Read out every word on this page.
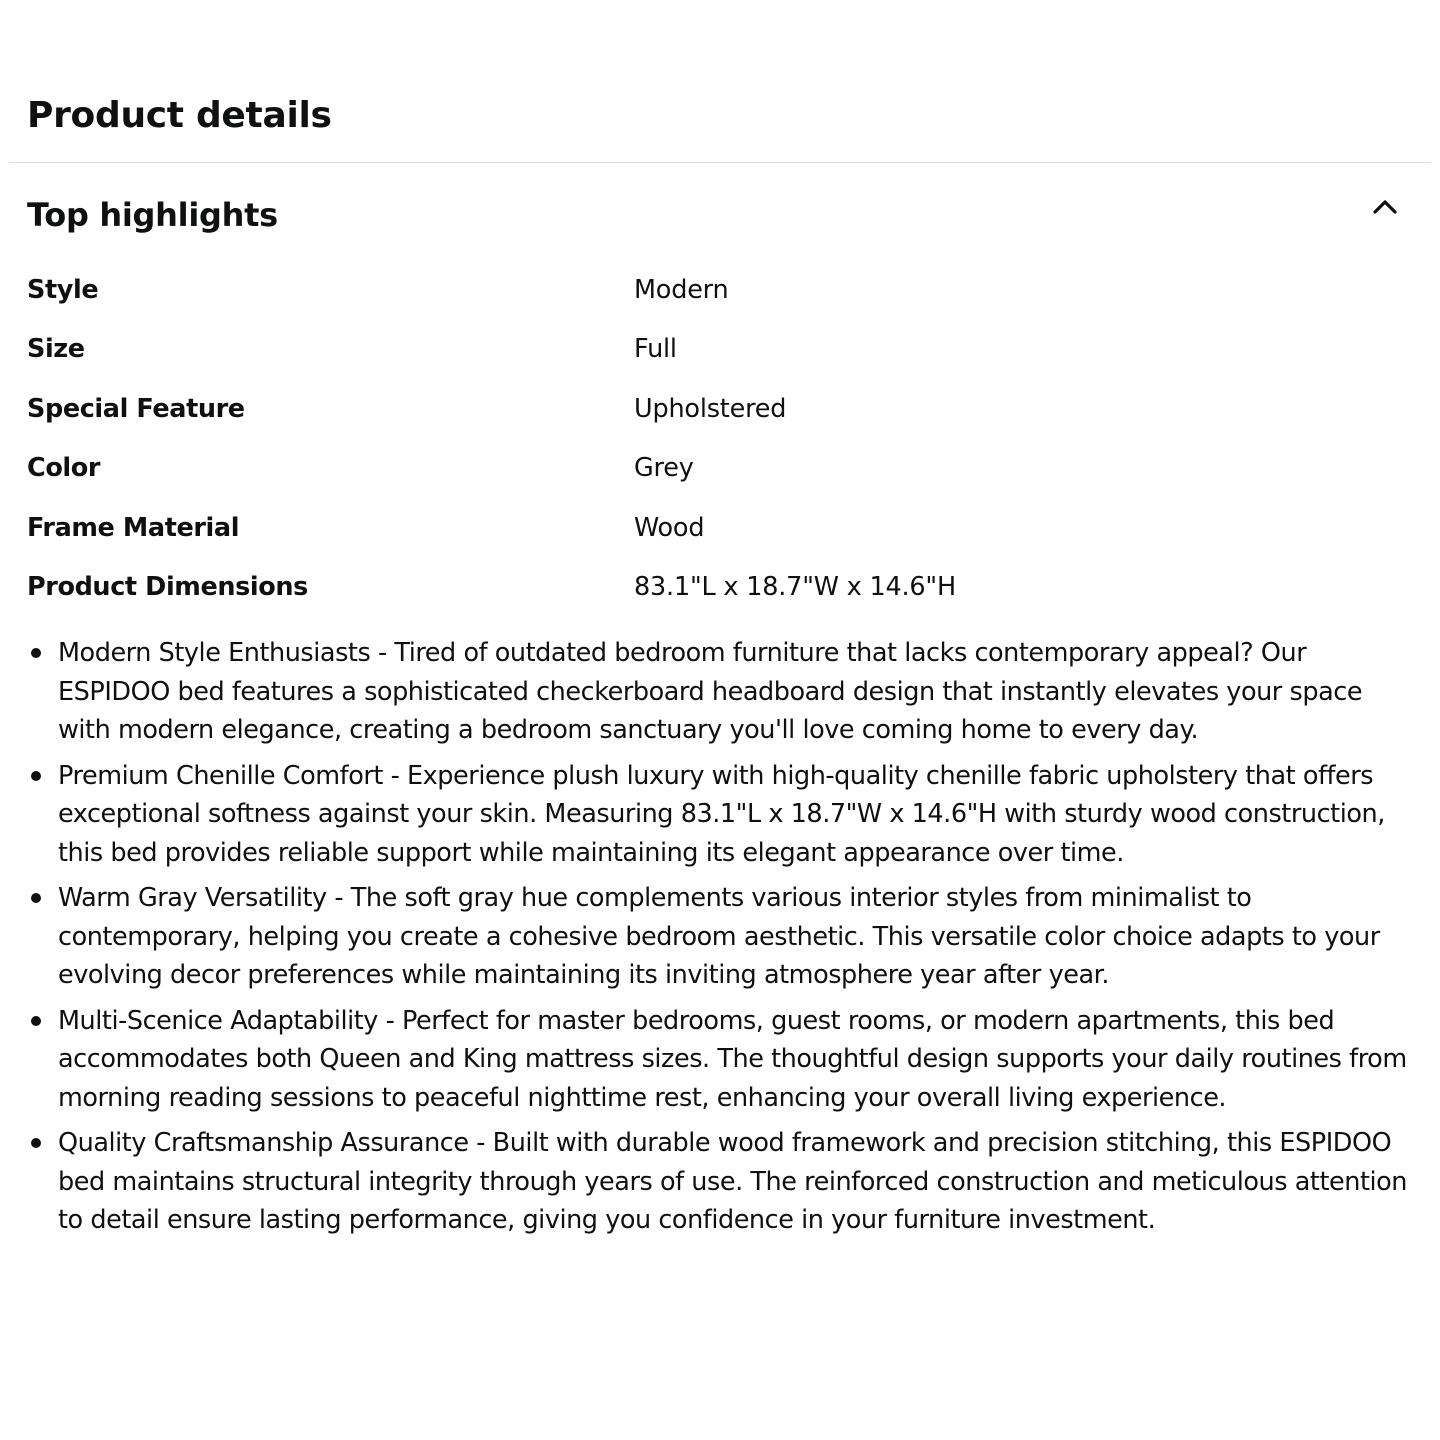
Product details
Top highlights
Style	Modern
Size	Full
Special Feature	Upholstered
Color	Grey
Frame Material	Wood
Product Dimensions	83.1"L x 18.7"W x 14.6"H
Modern Style Enthusiasts - Tired of outdated bedroom furniture that lacks contemporary appeal? Our ESPIDOO bed features a sophisticated checkerboard headboard design that instantly elevates your space with modern elegance, creating a bedroom sanctuary you'll love coming home to every day.
Premium Chenille Comfort - Experience plush luxury with high-quality chenille fabric upholstery that offers exceptional softness against your skin. Measuring 83.1"L x 18.7"W x 14.6"H with sturdy wood construction, this bed provides reliable support while maintaining its elegant appearance over time.
Warm Gray Versatility - The soft gray hue complements various interior styles from minimalist to contemporary, helping you create a cohesive bedroom aesthetic. This versatile color choice adapts to your evolving decor preferences while maintaining its inviting atmosphere year after year.
Multi-Scenice Adaptability - Perfect for master bedrooms, guest rooms, or modern apartments, this bed accommodates both Queen and King mattress sizes. The thoughtful design supports your daily routines from morning reading sessions to peaceful nighttime rest, enhancing your overall living experience.
Quality Craftsmanship Assurance - Built with durable wood framework and precision stitching, this ESPIDOO bed maintains structural integrity through years of use. The reinforced construction and meticulous attention to detail ensure lasting performance, giving you confidence in your furniture investment.
